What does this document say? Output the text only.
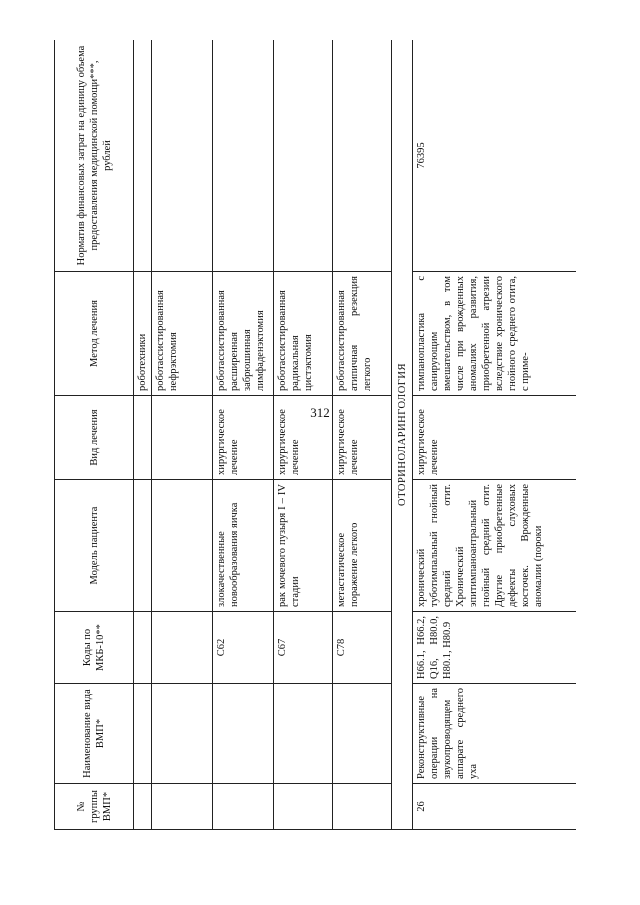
312
№ группы ВМП*	Наименование вида ВМП*	Коды по МКБ-10**	Модель пациента	Вид лечения	Метод лечения	Норматив финансовых затрат на единицу объема предоставления медицинской помощи***, рублей
					роботехники	
					роботассистированная нефрэктомия	
		C62	злокачественные новообразования яичка	хирургическое лечение	роботассистированная расширенная забрюшинная лимфаденэктомия	
		C67	рак мочевого пузыря I – IV стадии	хирургическое лечение	роботассистированная радикальная цистэктомия	
		C78	метастатическое поражение легкого	хирургическое лечение	роботассистированная атипичная резекция легкого	
ОТОРИНОЛАРИНГОЛОГИЯ						
26	Реконструктивные операции на звукопроводящем аппарате среднего уха	H66.1, H66.2, Q16, H80.0, H80.1, H80.9	хронический туботимпальный гнойный средний отит. Хронический эпитимпаноантральный гнойный средний отит. Другие приобретенные дефекты слуховых косточек. Врожденные аномалии (пороки	хирургическое лечение	тимпанопластика с санирующим вмешательством, в том числе при врожденных аномалиях развития, приобретенной атрезии вследствие хронического гнойного среднего отита, с приме-	76395
